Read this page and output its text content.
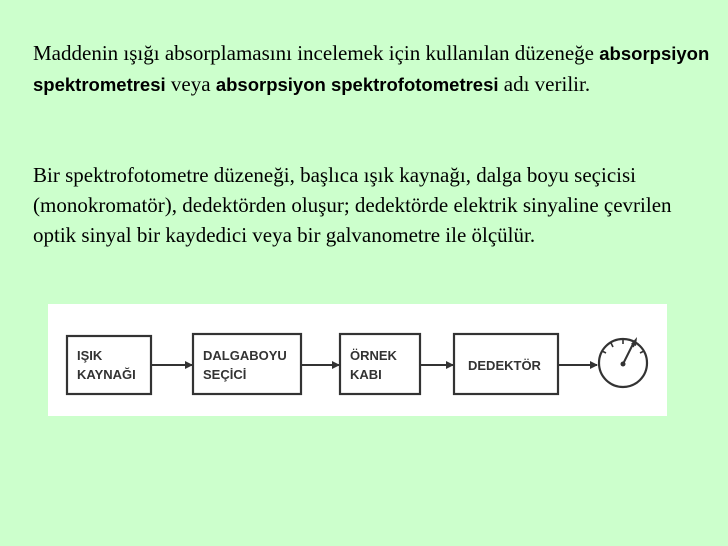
Maddenin ışığı absorplamasını incelemek için kullanılan düzeneğe absorpsiyon spektrometresi veya absorpsiyon spektrofotometresi adı verilir.

Bir spektrofotometre düzeneği, başlıca ışık kaynağı, dalga boyu seçicisi (monokromatör), dedektörden oluşur; dedektörde elektrik sinyaline çevrilen optik sinyal bir kaydedici veya bir galvanometre ile ölçülür.

IŞIK
KAYNAĞI
DALGABOYU
SEÇİCİ
ÖRNEK
KABI
DEDEKTÖR
